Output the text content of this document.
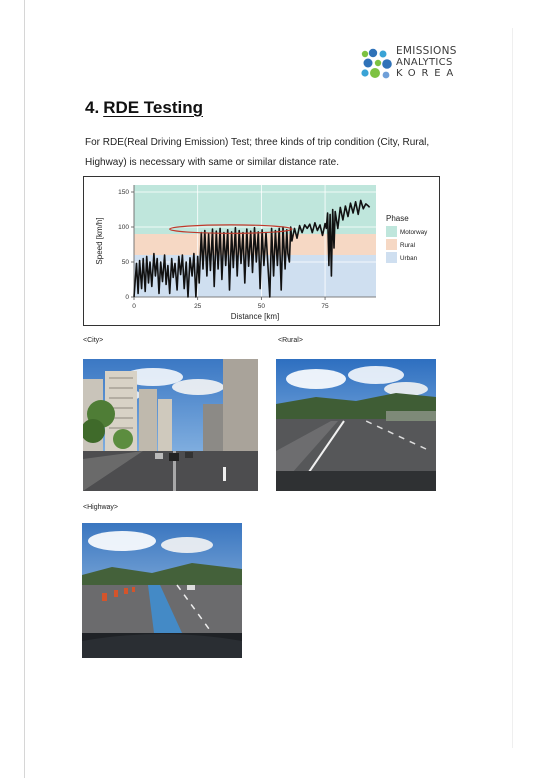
EMISSIONS
ANALYTICS
KOREA
4. RDE Testing

For RDE(Real Driving Emission) Test; three kinds of trip condition (City, Rural, Highway) is necessary with same or similar distance rate.

0	25	50	75
0
50
100
150
Distance [km]
Speed [km/h]	Phase
Motorway
Rural
Urban
<City>	<Rural>
<Highway>
